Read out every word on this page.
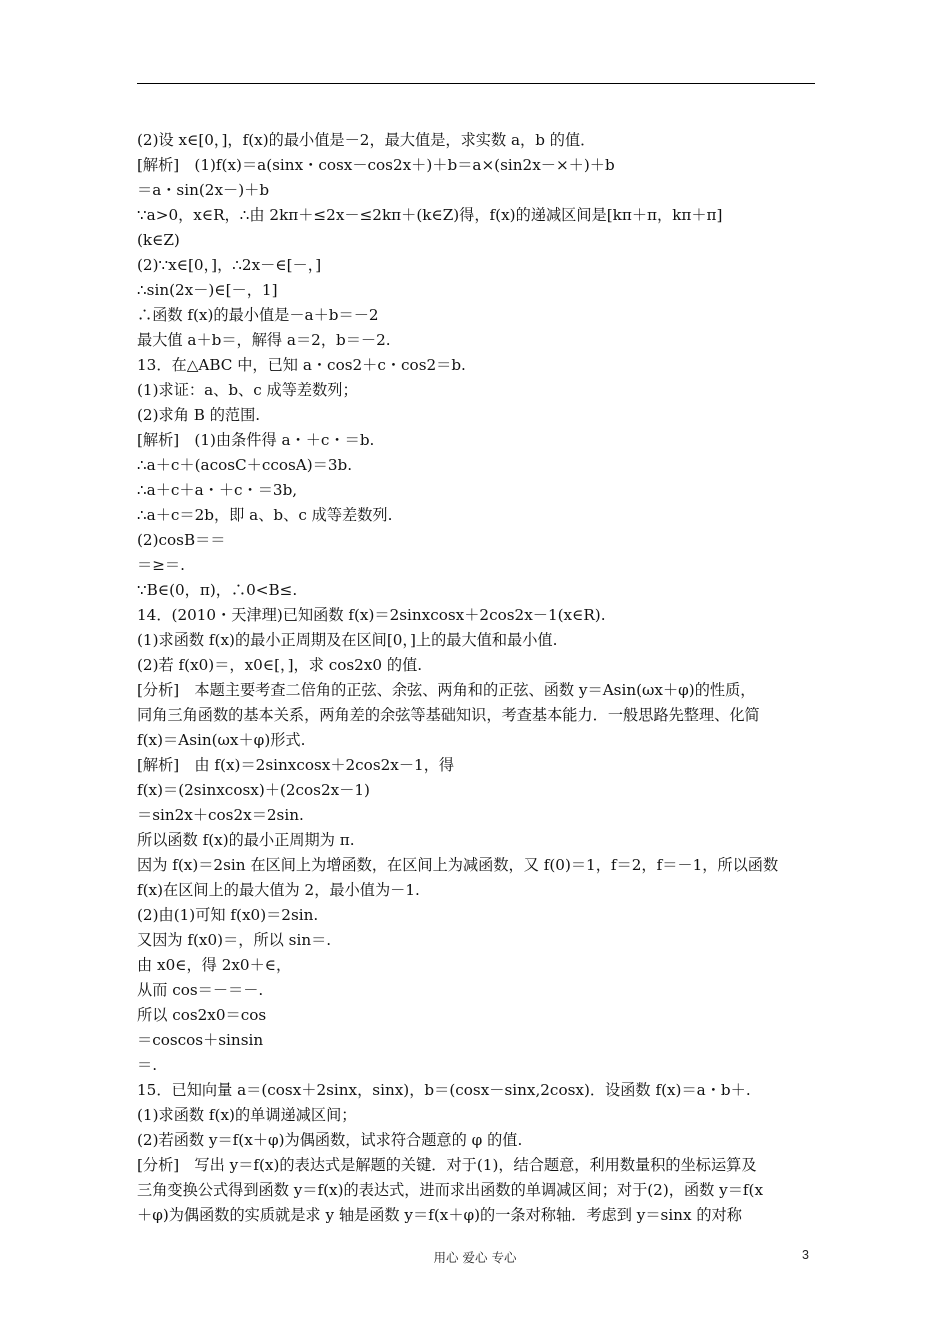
(2)设 x∈[0，]，f(x)的最小值是－2，最大值是，求实数 a，b 的值．
[解析]　(1)f(x)＝a(sinx・cosx－cos2x＋)＋b＝a×(sin2x－×＋)＋b
＝a・sin(2x－)＋b
∵a>0，x∈R，∴由 2kπ＋≤2x－≤2kπ＋(k∈Z)得，f(x)的递减区间是[kπ＋π，kπ＋π]
(k∈Z)
(2)∵x∈[0，]，∴2x－∈[－，]
∴sin(2x－)∈[－，1]
∴函数 f(x)的最小值是－a＋b＝－2
最大值 a＋b＝，解得 a＝2，b＝－2.
13．在△ABC 中，已知 a・cos2＋c・cos2＝b.
(1)求证：a、b、c 成等差数列；
(2)求角 B 的范围.
[解析]　(1)由条件得 a・＋c・＝b.
∴a＋c＋(acosC＋ccosA)＝3b.
∴a＋c＋a・＋c・＝3b,
∴a＋c＝2b，即 a、b、c 成等差数列.
(2)cosB＝＝
＝≥＝.
∵B∈(0，π)，∴0<B≤.
14．(2010・天津理)已知函数 f(x)＝2sinxcosx＋2cos2x－1(x∈R).
(1)求函数 f(x)的最小正周期及在区间[0，]上的最大值和最小值.
(2)若 f(x0)＝，x0∈[，]，求 cos2x0 的值.
[分析]　本题主要考查二倍角的正弦、余弦、两角和的正弦、函数 y＝Asin(ωx＋φ)的性质，
同角三角函数的基本关系，两角差的余弦等基础知识，考查基本能力．一般思路先整理、化简
f(x)＝Asin(ωx＋φ)形式.
[解析]　由 f(x)＝2sinxcosx＋2cos2x－1，得
f(x)＝(2sinxcosx)＋(2cos2x－1)
＝sin2x＋cos2x＝2sin.
所以函数 f(x)的最小正周期为 π.
因为 f(x)＝2sin 在区间上为增函数，在区间上为减函数，又 f(0)＝1，f＝2，f＝－1，所以函数
f(x)在区间上的最大值为 2，最小值为－1.
(2)由(1)可知 f(x0)＝2sin.
又因为 f(x0)＝，所以 sin＝.
由 x0∈，得 2x0＋∈，
从而 cos＝－＝－.
所以 cos2x0＝cos
＝coscos＋sinsin
＝.
15．已知向量 a＝(cosx＋2sinx，sinx)，b＝(cosx－sinx,2cosx)．设函数 f(x)＝a・b＋.
(1)求函数 f(x)的单调递减区间；
(2)若函数 y＝f(x＋φ)为偶函数，试求符合题意的 φ 的值.
[分析]　写出 y＝f(x)的表达式是解题的关键．对于(1)，结合题意，利用数量积的坐标运算及
三角变换公式得到函数 y＝f(x)的表达式，进而求出函数的单调减区间；对于(2)，函数 y＝f(x
＋φ)为偶函数的实质就是求 y 轴是函数 y＝f(x＋φ)的一条对称轴．考虑到 y＝sinx 的对称
用心 爱心 专心	3
